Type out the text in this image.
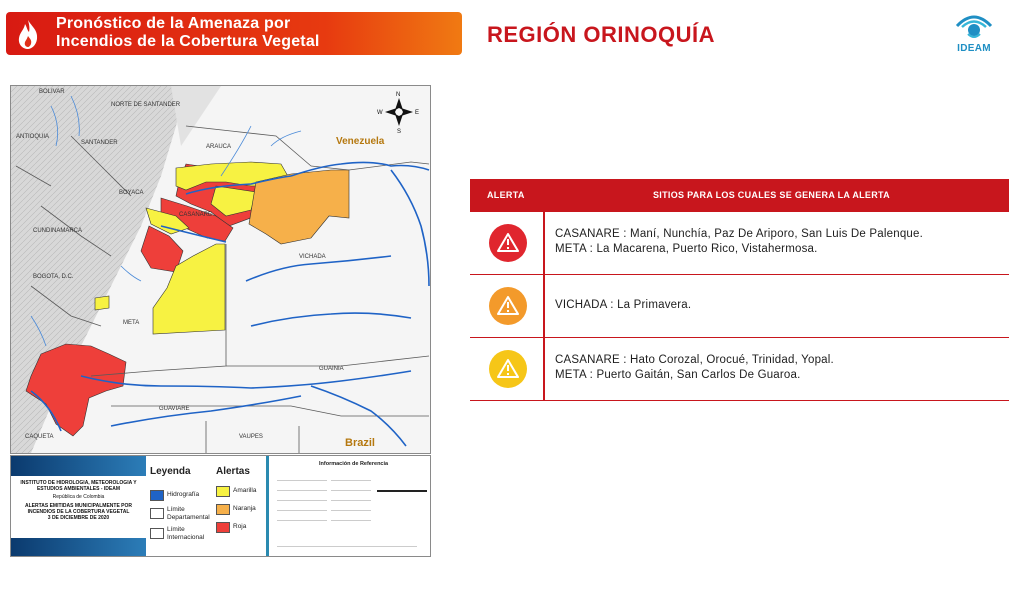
Pronóstico de la Amenaza por
Incendios de la Cobertura Vegetal	REGIÓN ORINOQUÍA
IDEAM
BOLIVAR
NORTE DE SANTANDER
ANTIOQUIA
SANTANDER
ARAUCA
BOYACA
CASANARE
CUNDINAMARCA
VICHADA
BOGOTA, D.C.
META
GUAINIA
GUAVIARE
VAUPES
CAQUETA
Venezuela
Brazil
N
S
W	E
INSTITUTO DE HIDROLOGIA, METEOROLOGIA Y ESTUDIOS AMBIENTALES - IDEAM
República de Colombia
ALERTAS EMITIDAS MUNICIPALMENTE POR INCENDIOS DE LA COBERTURA VEGETAL
3 DE DICIEMBRE DE 2020
Leyenda
Hidrografía
Límite Departamental
Límite Internacional
Alertas
Amarilla
Naranja
Roja
Información de Referencia
ALERTA	SITIOS PARA LOS CUALES SE GENERA LA ALERTA
CASANARE : Maní, Nunchía, Paz De Ariporo, San Luis De Palenque.
META : La Macarena, Puerto Rico, Vistahermosa.
VICHADA : La Primavera.
CASANARE : Hato Corozal, Orocué, Trinidad, Yopal.
META : Puerto Gaitán, San Carlos De Guaroa.
